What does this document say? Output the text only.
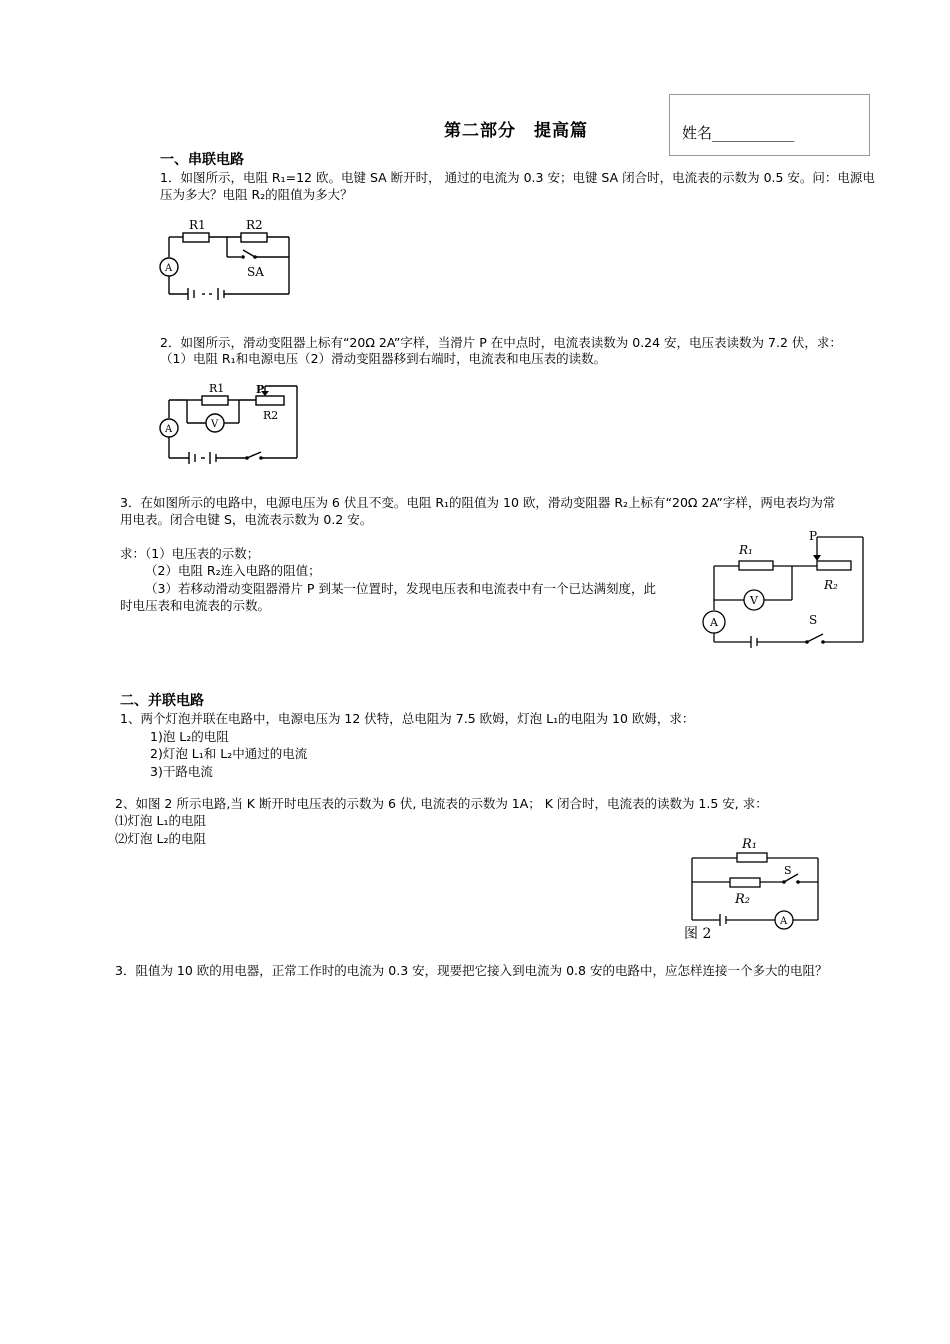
第二部分　提高篇	姓名___________
一、串联电路
1．如图所示，电阻 R₁=12 欧。电键 SA 断开时， 通过的电流为 0.3 安；电键 SA 闭合时，电流表的示数为 0.5 安。问：电源电
压为多大？电阻 R₂的阻值为多大？
R1	R2
SA
A
2．如图所示，滑动变阻器上标有“20Ω 2A”字样，当滑片 P 在中点时，电流表读数为 0.24 安，电压表读数为 7.2 伏，求：
（1）电阻 R₁和电源电压（2）滑动变阻器移到右端时，电流表和电压表的读数。
R1	P
R2
V
A
3．在如图所示的电路中，电源电压为 6 伏且不变。电阻 R₁的阻值为 10 欧，滑动变阻器 R₂上标有“20Ω 2A”字样，两电表均为常
用电表。闭合电键 S，电流表示数为 0.2 安。
求：（1）电压表的示数；
（2）电阻 R₂连入电路的阻值；
（3）若移动滑动变阻器滑片 P 到某一位置时，发现电压表和电流表中有一个已达满刻度，此
时电压表和电流表的示数。
P
R₁
R₂
V
A	S
二、并联电路
1、两个灯泡并联在电路中，电源电压为 12 伏特，总电阻为 7.5 欧姆，灯泡 L₁的电阻为 10 欧姆，求：
1)泡 L₂的电阻
2)灯泡 L₁和 L₂中通过的电流
3)干路电流
2、如图 2 所示电路,当 K 断开时电压表的示数为 6 伏, 电流表的示数为 1A； K 闭合时，电流表的读数为 1.5 安, 求：
⑴灯泡 L₁的电阻
⑵灯泡 L₂的电阻	R₁
R₂
S
A
图 2
3．阻值为 10 欧的用电器，正常工作时的电流为 0.3 安，现要把它接入到电流为 0.8 安的电路中，应怎样连接一个多大的电阻？
